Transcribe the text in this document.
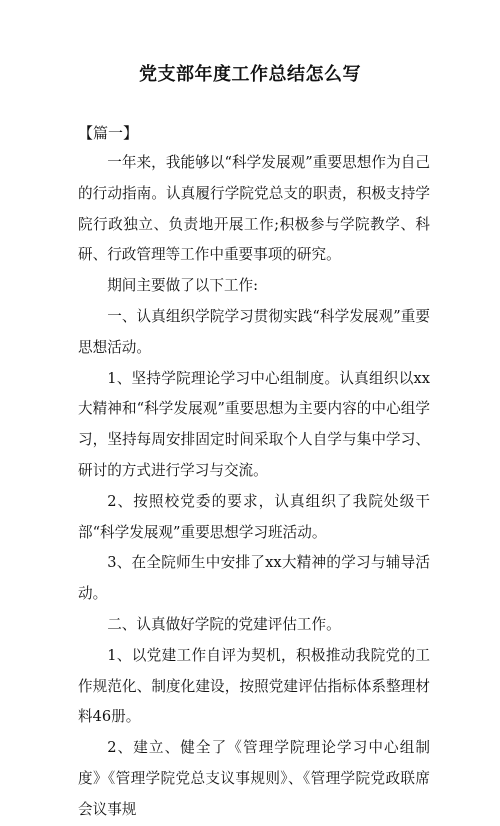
党支部年度工作总结怎么写
【篇一】

一年来，我能够以“科学发展观”重要思想作为自己的行动指南。认真履行学院党总支的职责，积极支持学院行政独立、负责地开展工作;积极参与学院教学、科研、行政管理等工作中重要事项的研究。

期间主要做了以下工作:

一、认真组织学院学习贯彻实践“科学发展观”重要思想活动。

1、坚持学院理论学习中心组制度。认真组织以xx大精神和“科学发展观”重要思想为主要内容的中心组学习，坚持每周安排固定时间采取个人自学与集中学习、研讨的方式进行学习与交流。

2、按照校党委的要求，认真组织了我院处级干部“科学发展观”重要思想学习班活动。

3、在全院师生中安排了xx大精神的学习与辅导活动。

二、认真做好学院的党建评估工作。

1、以党建工作自评为契机，积极推动我院党的工作规范化、制度化建设，按照党建评估指标体系整理材料46册。

2、建立、健全了《管理学院理论学习中心组制度》《管理学院党总支议事规则》、《管理学院党政联席会议事规
